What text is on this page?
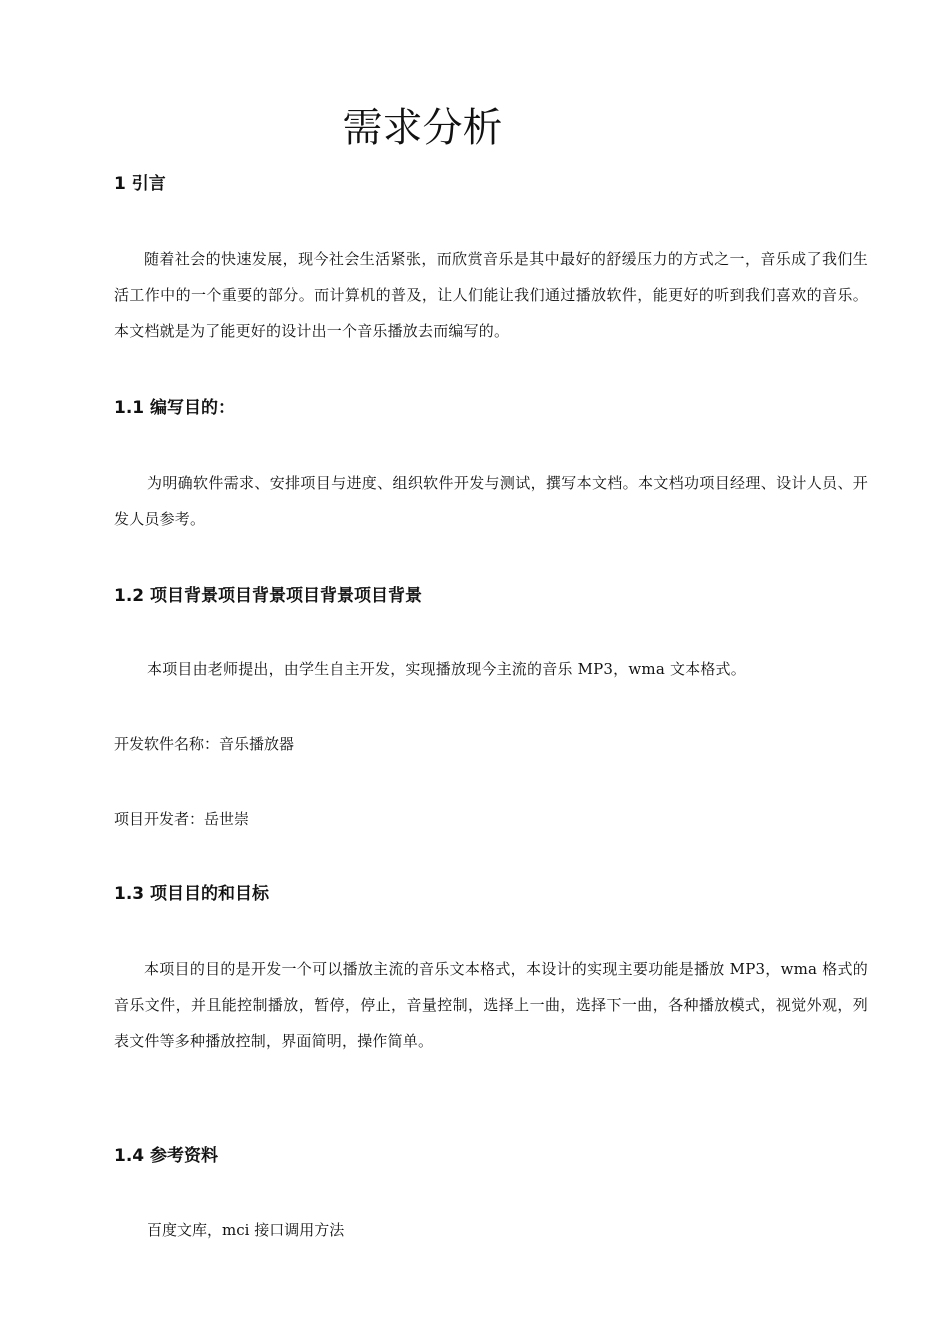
需求分析
1 引言

随着社会的快速发展，现今社会生活紧张，而欣赏音乐是其中最好的舒缓压力的方式之一，音乐成了我们生活工作中的一个重要的部分。而计算机的普及，让人们能让我们通过播放软件，能更好的听到我们喜欢的音乐。本文档就是为了能更好的设计出一个音乐播放去而编写的。

1.1 编写目的：

为明确软件需求、安排项目与进度、组织软件开发与测试，撰写本文档。本文档功项目经理、设计人员、开发人员参考。

1.2 项目背景项目背景项目背景项目背景

本项目由老师提出，由学生自主开发，实现播放现今主流的音乐 MP3，wma 文本格式。

开发软件名称：音乐播放器

项目开发者：岳世崇

1.3 项目目的和目标

本项目的目的是开发一个可以播放主流的音乐文本格式，本设计的实现主要功能是播放 MP3，wma 格式的音乐文件，并且能控制播放，暂停，停止，音量控制，选择上一曲，选择下一曲，各种播放模式，视觉外观，列表文件等多种播放控制，界面简明，操作简单。

1.4 参考资料

百度文库，mci 接口调用方法
